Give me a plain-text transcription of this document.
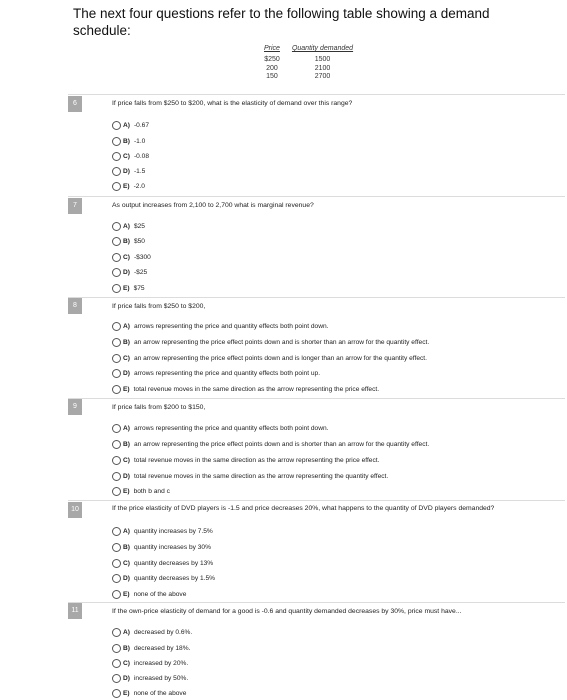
The next four questions refer to the following table showing a demand
schedule:
Price	Quantity demanded
$250	1500
200	2100
150	2700
6	If price falls from $250 to $200, what is the elasticity of demand over this range?
A) -0.67
B) -1.0
C) -0.08
D) -1.5
E) -2.0
7	As output increases from 2,100 to 2,700 what is marginal revenue?
A) $25
B) $50
C) -$300
D) -$25
E) $75
8	If price falls from $250 to $200,
A) arrows representing the price and quantity effects both point down.
B) an arrow representing the price effect points down and is shorter than an arrow for the quantity effect.
C) an arrow representing the price effect points down and is longer than an arrow for the quantity effect.
D) arrows representing the price and quantity effects both point up.
E) total revenue moves in the same direction as the arrow representing the price effect.
9	If price falls from $200 to $150,
A) arrows representing the price and quantity effects both point down.
B) an arrow representing the price effect points down and is shorter than an arrow for the quantity effect.
C) total revenue moves in the same direction as the arrow representing the price effect.
D) total revenue moves in the same direction as the arrow representing the quantity effect.
E) both b and c
10	If the price elasticity of DVD players is -1.5 and price decreases 20%, what happens to the quantity of DVD players demanded?
A) quantity increases by 7.5%
B) quantity increases by 30%
C) quantity decreases by 13%
D) quantity decreases by 1.5%
E) none of the above
11	If the own-price elasticity of demand for a good is -0.6 and quantity demanded decreases by 30%, price must have...
A) decreased by 0.6%.
B) decreased by 18%.
C) increased by 20%.
D) increased by 50%.
E) none of the above
